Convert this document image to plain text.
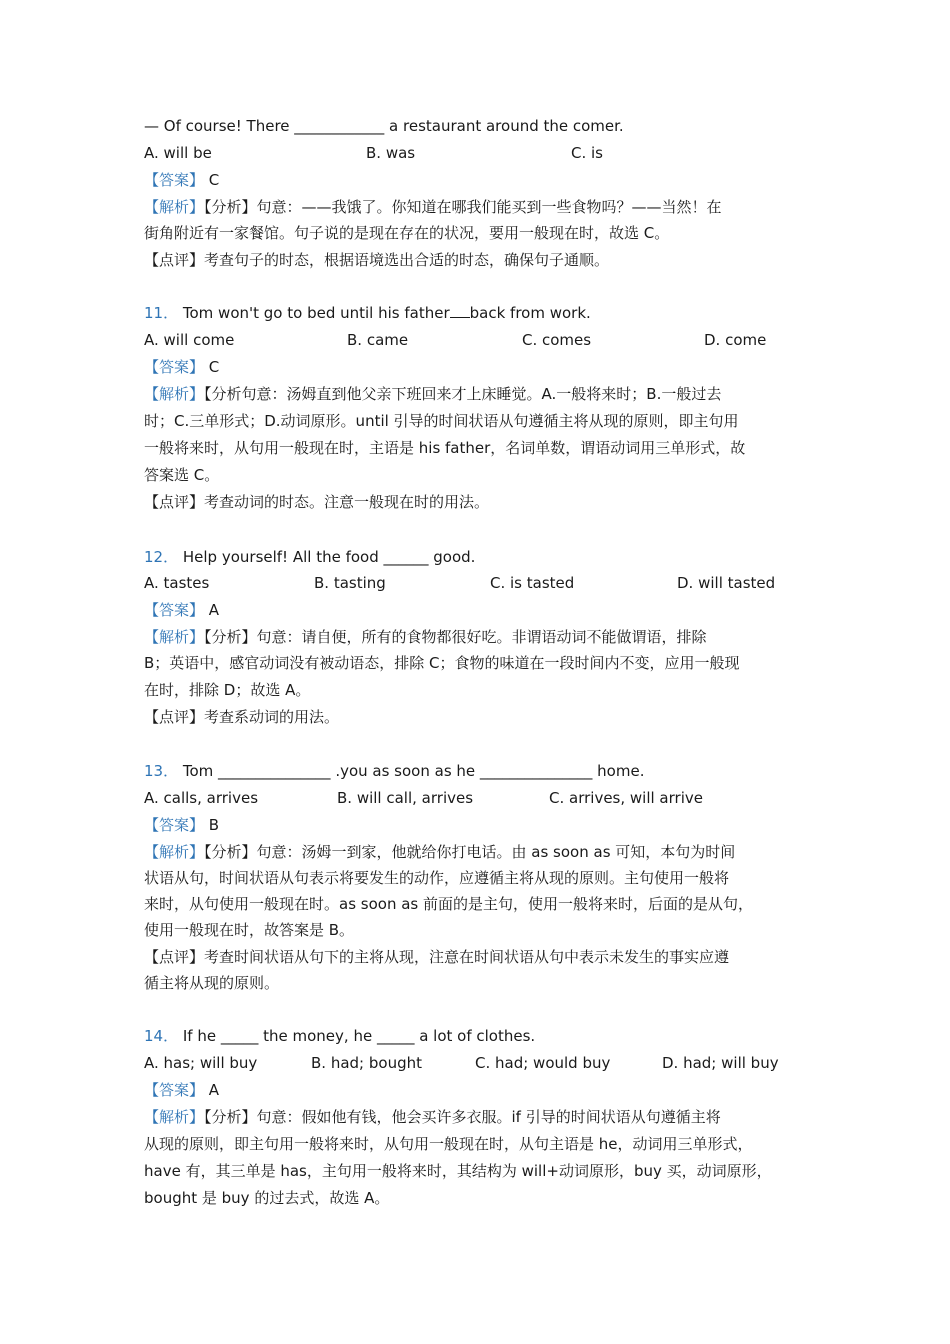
— Of course! There ____________ a restaurant around the comer.
A. will be	B. was	C. is
【答案】 C
【解析】【分析】句意：——我饿了。你知道在哪我们能买到一些食物吗？——当然！在
街角附近有一家餐馆。句子说的是现在存在的状况，要用一般现在时，故选 C。
【点评】考查句子的时态，根据语境选出合适的时态，确保句子通顺。
11． Tom won't go to bed until his father back from work.
A. will come	B. came	C. comes	D. come
【答案】 C
【解析】【分析句意：汤姆直到他父亲下班回来才上床睡觉。A.一般将来时；B.一般过去
时；C.三单形式；D.动词原形。until 引导的时间状语从句遵循主将从现的原则，即主句用
一般将来时，从句用一般现在时，主语是 his father，名词单数，谓语动词用三单形式，故
答案选 C。
【点评】考查动词的时态。注意一般现在时的用法。
12． Help yourself! All the food ______ good.
A. tastes	B. tasting	C. is tasted	D. will tasted
【答案】 A
【解析】【分析】句意：请自便，所有的食物都很好吃。非谓语动词不能做谓语，排除
B；英语中，感官动词没有被动语态，排除 C；食物的味道在一段时间内不变，应用一般现
在时，排除 D；故选 A。
【点评】考查系动词的用法。
13． Tom _______________ .you as soon as he _______________ home.
A. calls, arrives	B. will call, arrives	C. arrives, will arrive
【答案】 B
【解析】【分析】句意：汤姆一到家，他就给你打电话。由 as soon as 可知，本句为时间
状语从句，时间状语从句表示将要发生的动作，应遵循主将从现的原则。主句使用一般将
来时，从句使用一般现在时。as soon as 前面的是主句，使用一般将来时，后面的是从句，
使用一般现在时，故答案是 B。
【点评】考查时间状语从句下的主将从现，注意在时间状语从句中表示未发生的事实应遵
循主将从现的原则。
14． If he _____ the money, he _____ a lot of clothes.
A. has; will buy	B. had; bought	C. had; would buy	D. had; will buy
【答案】 A
【解析】【分析】句意：假如他有钱，他会买许多衣服。if 引导的时间状语从句遵循主将
从现的原则，即主句用一般将来时，从句用一般现在时，从句主语是 he，动词用三单形式，
have 有，其三单是 has，主句用一般将来时，其结构为 will+动词原形，buy 买，动词原形，
bought 是 buy 的过去式，故选 A。
